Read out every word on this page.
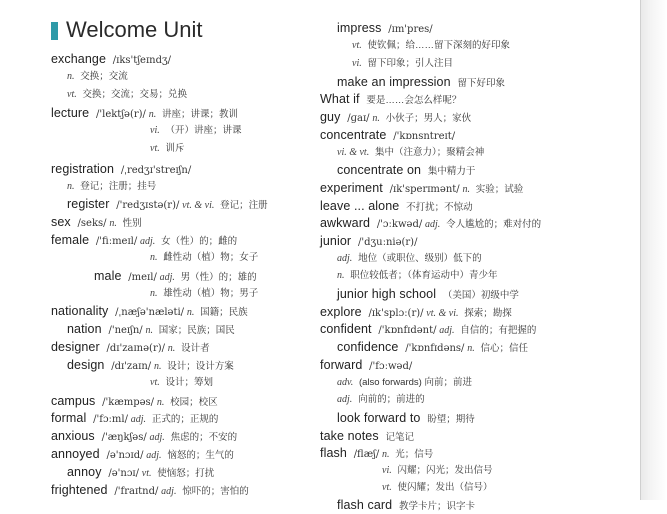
Welcome Unit
exchange /ɪks'tʃeɪndʒ/
n. 交换；交流
vt. 交换；交流；交易；兑换
lecture /'lektʃə(r)/ n. 讲座；讲课；教训
vi. （开）讲座；讲课
vt. 训斥
registration /ˌredʒɪ'streɪʃn/
n. 登记；注册；挂号
register /'redʒɪstə(r)/ vt. & vi. 登记；注册
sex /seks/ n. 性别
female /'fiːmeɪl/ adj. 女（性）的；雌的
n. 雌性动（植）物；女子
male /meɪl/ adj. 男（性）的；雄的
n. 雄性动（植）物；男子
nationality /ˌnæʃə'næləti/ n. 国籍；民族
nation /'neɪʃn/ n. 国家；民族；国民
designer /dɪ'zaɪnə(r)/ n. 设计者
design /dɪ'zaɪn/ n. 设计；设计方案
vt. 设计；筹划
campus /'kæmpəs/ n. 校园；校区
formal /'fɔːml/ adj. 正式的；正规的
anxious /'æŋkʃəs/ adj. 焦虑的；不安的
annoyed /ə'nɔɪd/ adj. 恼怒的；生气的
annoy /ə'nɔɪ/ vt. 使恼怒；打扰
frightened /'fraɪtnd/ adj. 惊吓的；害怕的
impress /ɪm'pres/
vt. 使钦佩；给……留下深刻的好印象
vi. 留下印象；引人注目
make an impression 留下好印象
What if 要是……会怎么样呢？
guy /ɡaɪ/ n. 小伙子；男人；家伙
concentrate /'kɒnsntreɪt/
vi. & vt. 集中（注意力）；聚精会神
concentrate on 集中精力于
experiment /ɪk'sperɪmənt/ n. 实验；试验
leave ... alone 不打扰；不惊动
awkward /'ɔːkwəd/ adj. 令人尴尬的；难对付的
junior /'dʒuːniə(r)/
adj. 地位（或职位、级别）低下的
n. 职位较低者；（体育运动中）青少年
junior high school （美国）初级中学
explore /ɪk'splɔː(r)/ vt. & vi. 探索；勘探
confident /'kɒnfɪdənt/ adj. 自信的；有把握的
confidence /'kɒnfɪdəns/ n. 信心；信任
forward /'fɔːwəd/
adv. (also forwards) 向前；前进
adj. 向前的；前进的
look forward to 盼望；期待
take notes 记笔记
flash /flæʃ/ n. 光；信号
vi. 闪耀；闪光；发出信号
vt. 使闪耀；发出（信号）
flash card 教学卡片；识字卡
